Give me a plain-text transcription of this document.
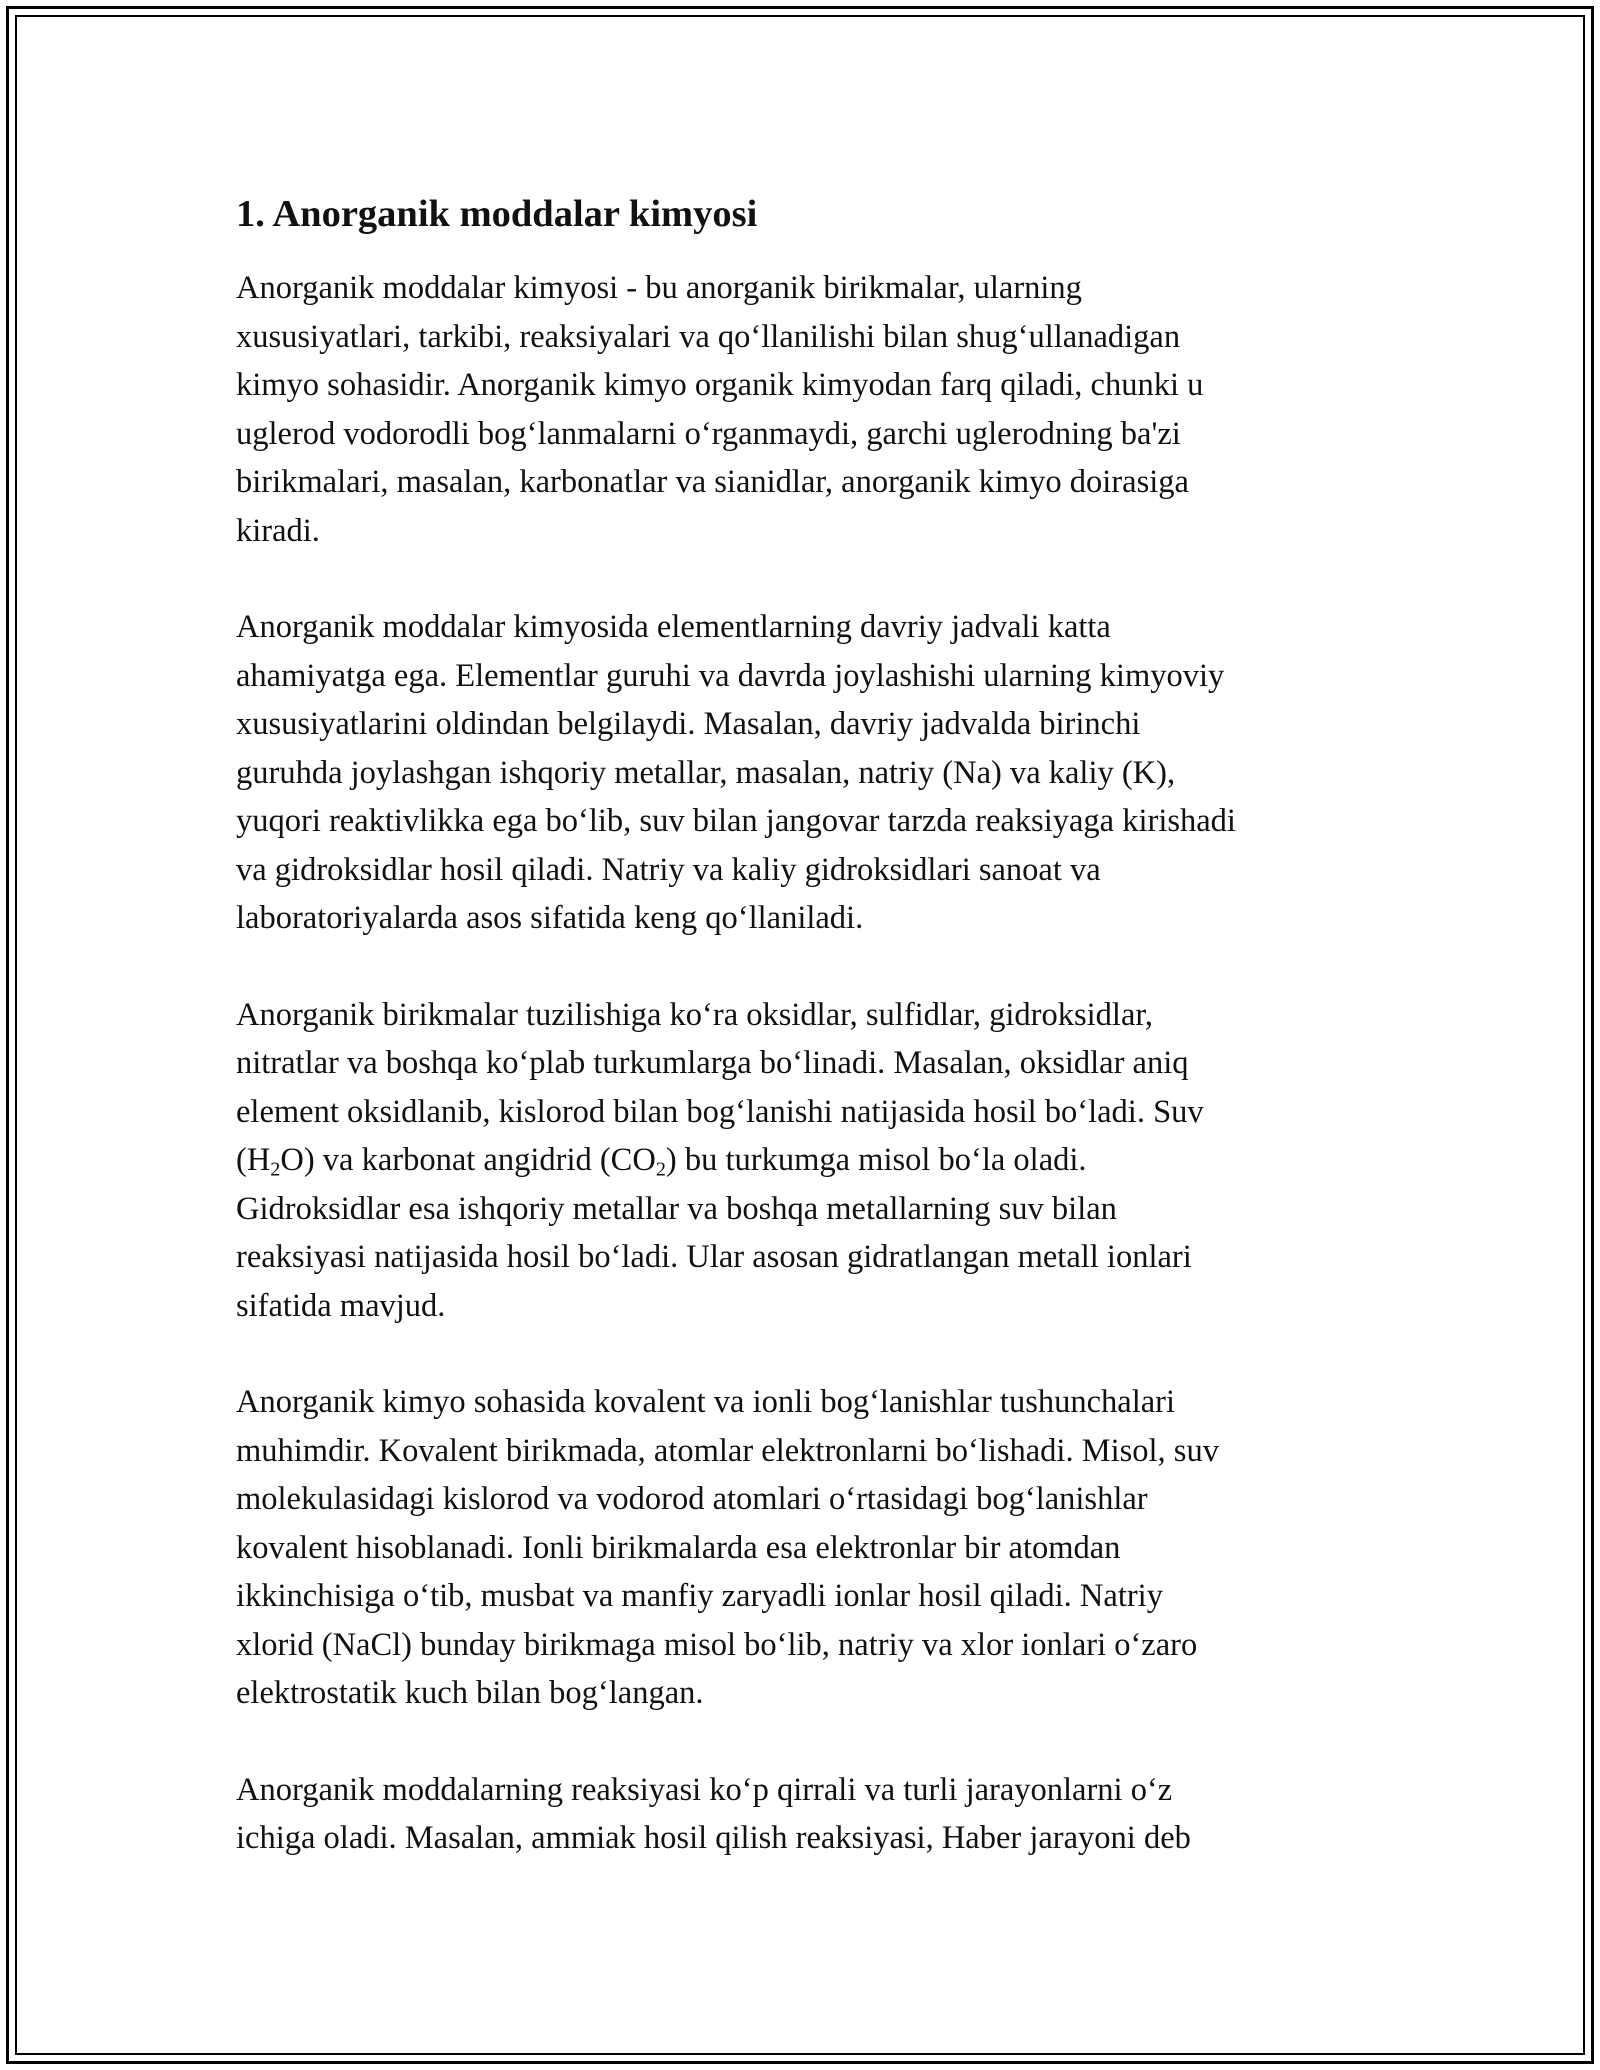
1. Anorganik moddalar kimyosi

Anorganik moddalar kimyosi - bu anorganik birikmalar, ularning
xususiyatlari, tarkibi, reaksiyalari va qo‘llanilishi bilan shug‘ullanadigan
kimyo sohasidir. Anorganik kimyo organik kimyodan farq qiladi, chunki u
uglerod vodorodli bog‘lanmalarni o‘rganmaydi, garchi uglerodning ba'zi
birikmalari, masalan, karbonatlar va sianidlar, anorganik kimyo doirasiga
kiradi.

Anorganik moddalar kimyosida elementlarning davriy jadvali katta
ahamiyatga ega. Elementlar guruhi va davrda joylashishi ularning kimyoviy
xususiyatlarini oldindan belgilaydi. Masalan, davriy jadvalda birinchi
guruhda joylashgan ishqoriy metallar, masalan, natriy (Na) va kaliy (K),
yuqori reaktivlikka ega bo‘lib, suv bilan jangovar tarzda reaksiyaga kirishadi
va gidroksidlar hosil qiladi. Natriy va kaliy gidroksidlari sanoat va
laboratoriyalarda asos sifatida keng qo‘llaniladi.

Anorganik birikmalar tuzilishiga ko‘ra oksidlar, sulfidlar, gidroksidlar,
nitratlar va boshqa ko‘plab turkumlarga bo‘linadi. Masalan, oksidlar aniq
element oksidlanib, kislorod bilan bog‘lanishi natijasida hosil bo‘ladi. Suv
$(H_2O)$ va karbonat angidrid $(CO_2)$ bu turkumga misol bo‘la oladi.
Gidroksidlar esa ishqoriy metallar va boshqa metallarning suv bilan
reaksiyasi natijasida hosil bo‘ladi. Ular asosan gidratlangan metall ionlari
sifatida mavjud.

Anorganik kimyo sohasida kovalent va ionli bog‘lanishlar tushunchalari
muhimdir. Kovalent birikmada, atomlar elektronlarni bo‘lishadi. Misol, suv
molekulasidagi kislorod va vodorod atomlari o‘rtasidagi bog‘lanishlar
kovalent hisoblanadi. Ionli birikmalarda esa elektronlar bir atomdan
ikkinchisiga o‘tib, musbat va manfiy zaryadli ionlar hosil qiladi. Natriy
xlorid (NaCl) bunday birikmaga misol bo‘lib, natriy va xlor ionlari o‘zaro
elektrostatik kuch bilan bog‘langan.

Anorganik moddalarning reaksiyasi ko‘p qirrali va turli jarayonlarni o‘z
ichiga oladi. Masalan, ammiak hosil qilish reaksiyasi, Haber jarayoni deb
